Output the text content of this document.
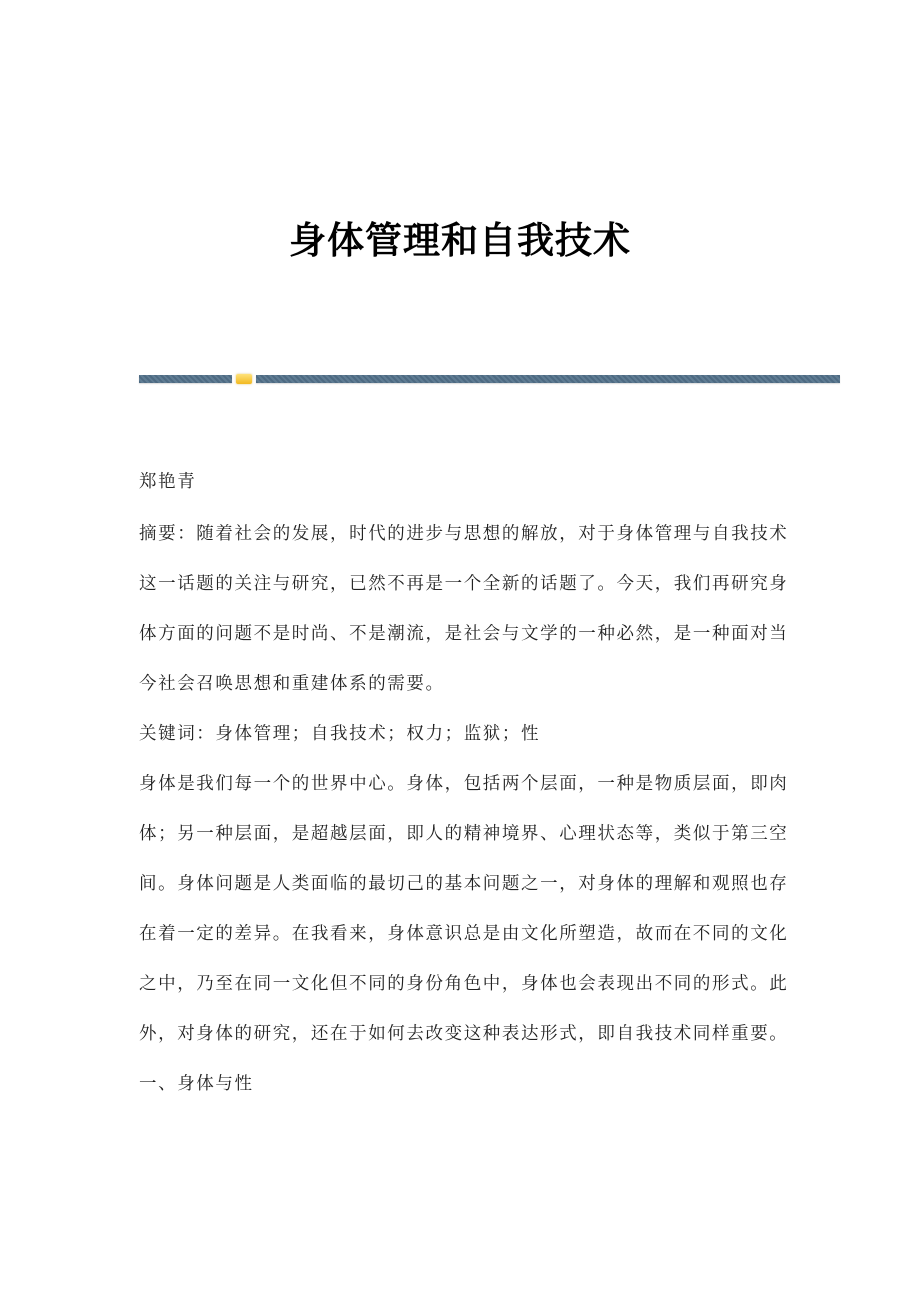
身体管理和自我技术
郑艳青
摘要：随着社会的发展，时代的进步与思想的解放，对于身体管理与自我技术
这一话题的关注与研究，已然不再是一个全新的话题了。今天，我们再研究身
体方面的问题不是时尚、不是潮流，是社会与文学的一种必然，是一种面对当
今社会召唤思想和重建体系的需要。
关键词：身体管理；自我技术；权力；监狱；性
身体是我们每一个的世界中心。身体，包括两个层面，一种是物质层面，即肉
体；另一种层面，是超越层面，即人的精神境界、心理状态等，类似于第三空
间。身体问题是人类面临的最切己的基本问题之一，对身体的理解和观照也存
在着一定的差异。在我看来，身体意识总是由文化所塑造，故而在不同的文化
之中，乃至在同一文化但不同的身份角色中，身体也会表现出不同的形式。此
外，对身体的研究，还在于如何去改变这种表达形式，即自我技术同样重要。
一、身体与性
